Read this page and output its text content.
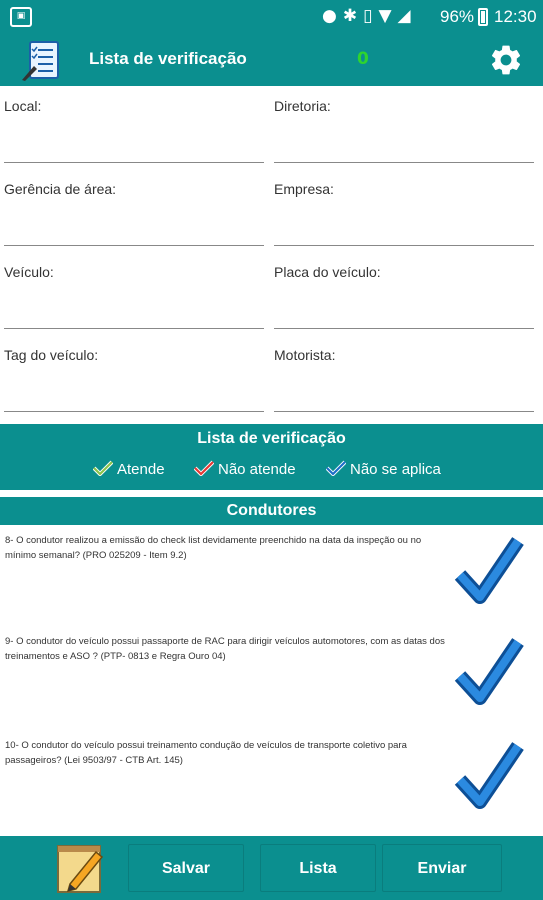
▣	●✱▯▼◢ 96% 12:30
Lista de verificação	0
Local:	Diretoria:
Gerência de área:	Empresa:
Veículo:	Placa do veículo:
Tag do veículo:	Motorista:
Lista de verificação
Atende	Não atende	Não se aplica
Condutores
8- O condutor realizou a emissão do check list devidamente preenchido na data da inspeção ou no mínimo semanal? (PRO 025209 - Item 9.2)
9- O condutor do veículo possui passaporte de RAC para dirigir veículos automotores, com as datas dos treinamentos e ASO ? (PTP- 0813 e Regra Ouro 04)
10- O condutor do veículo possui treinamento condução de veículos de transporte coletivo para passageiros? (Lei 9503/97 - CTB Art. 145)
Salvar	Lista	Enviar
